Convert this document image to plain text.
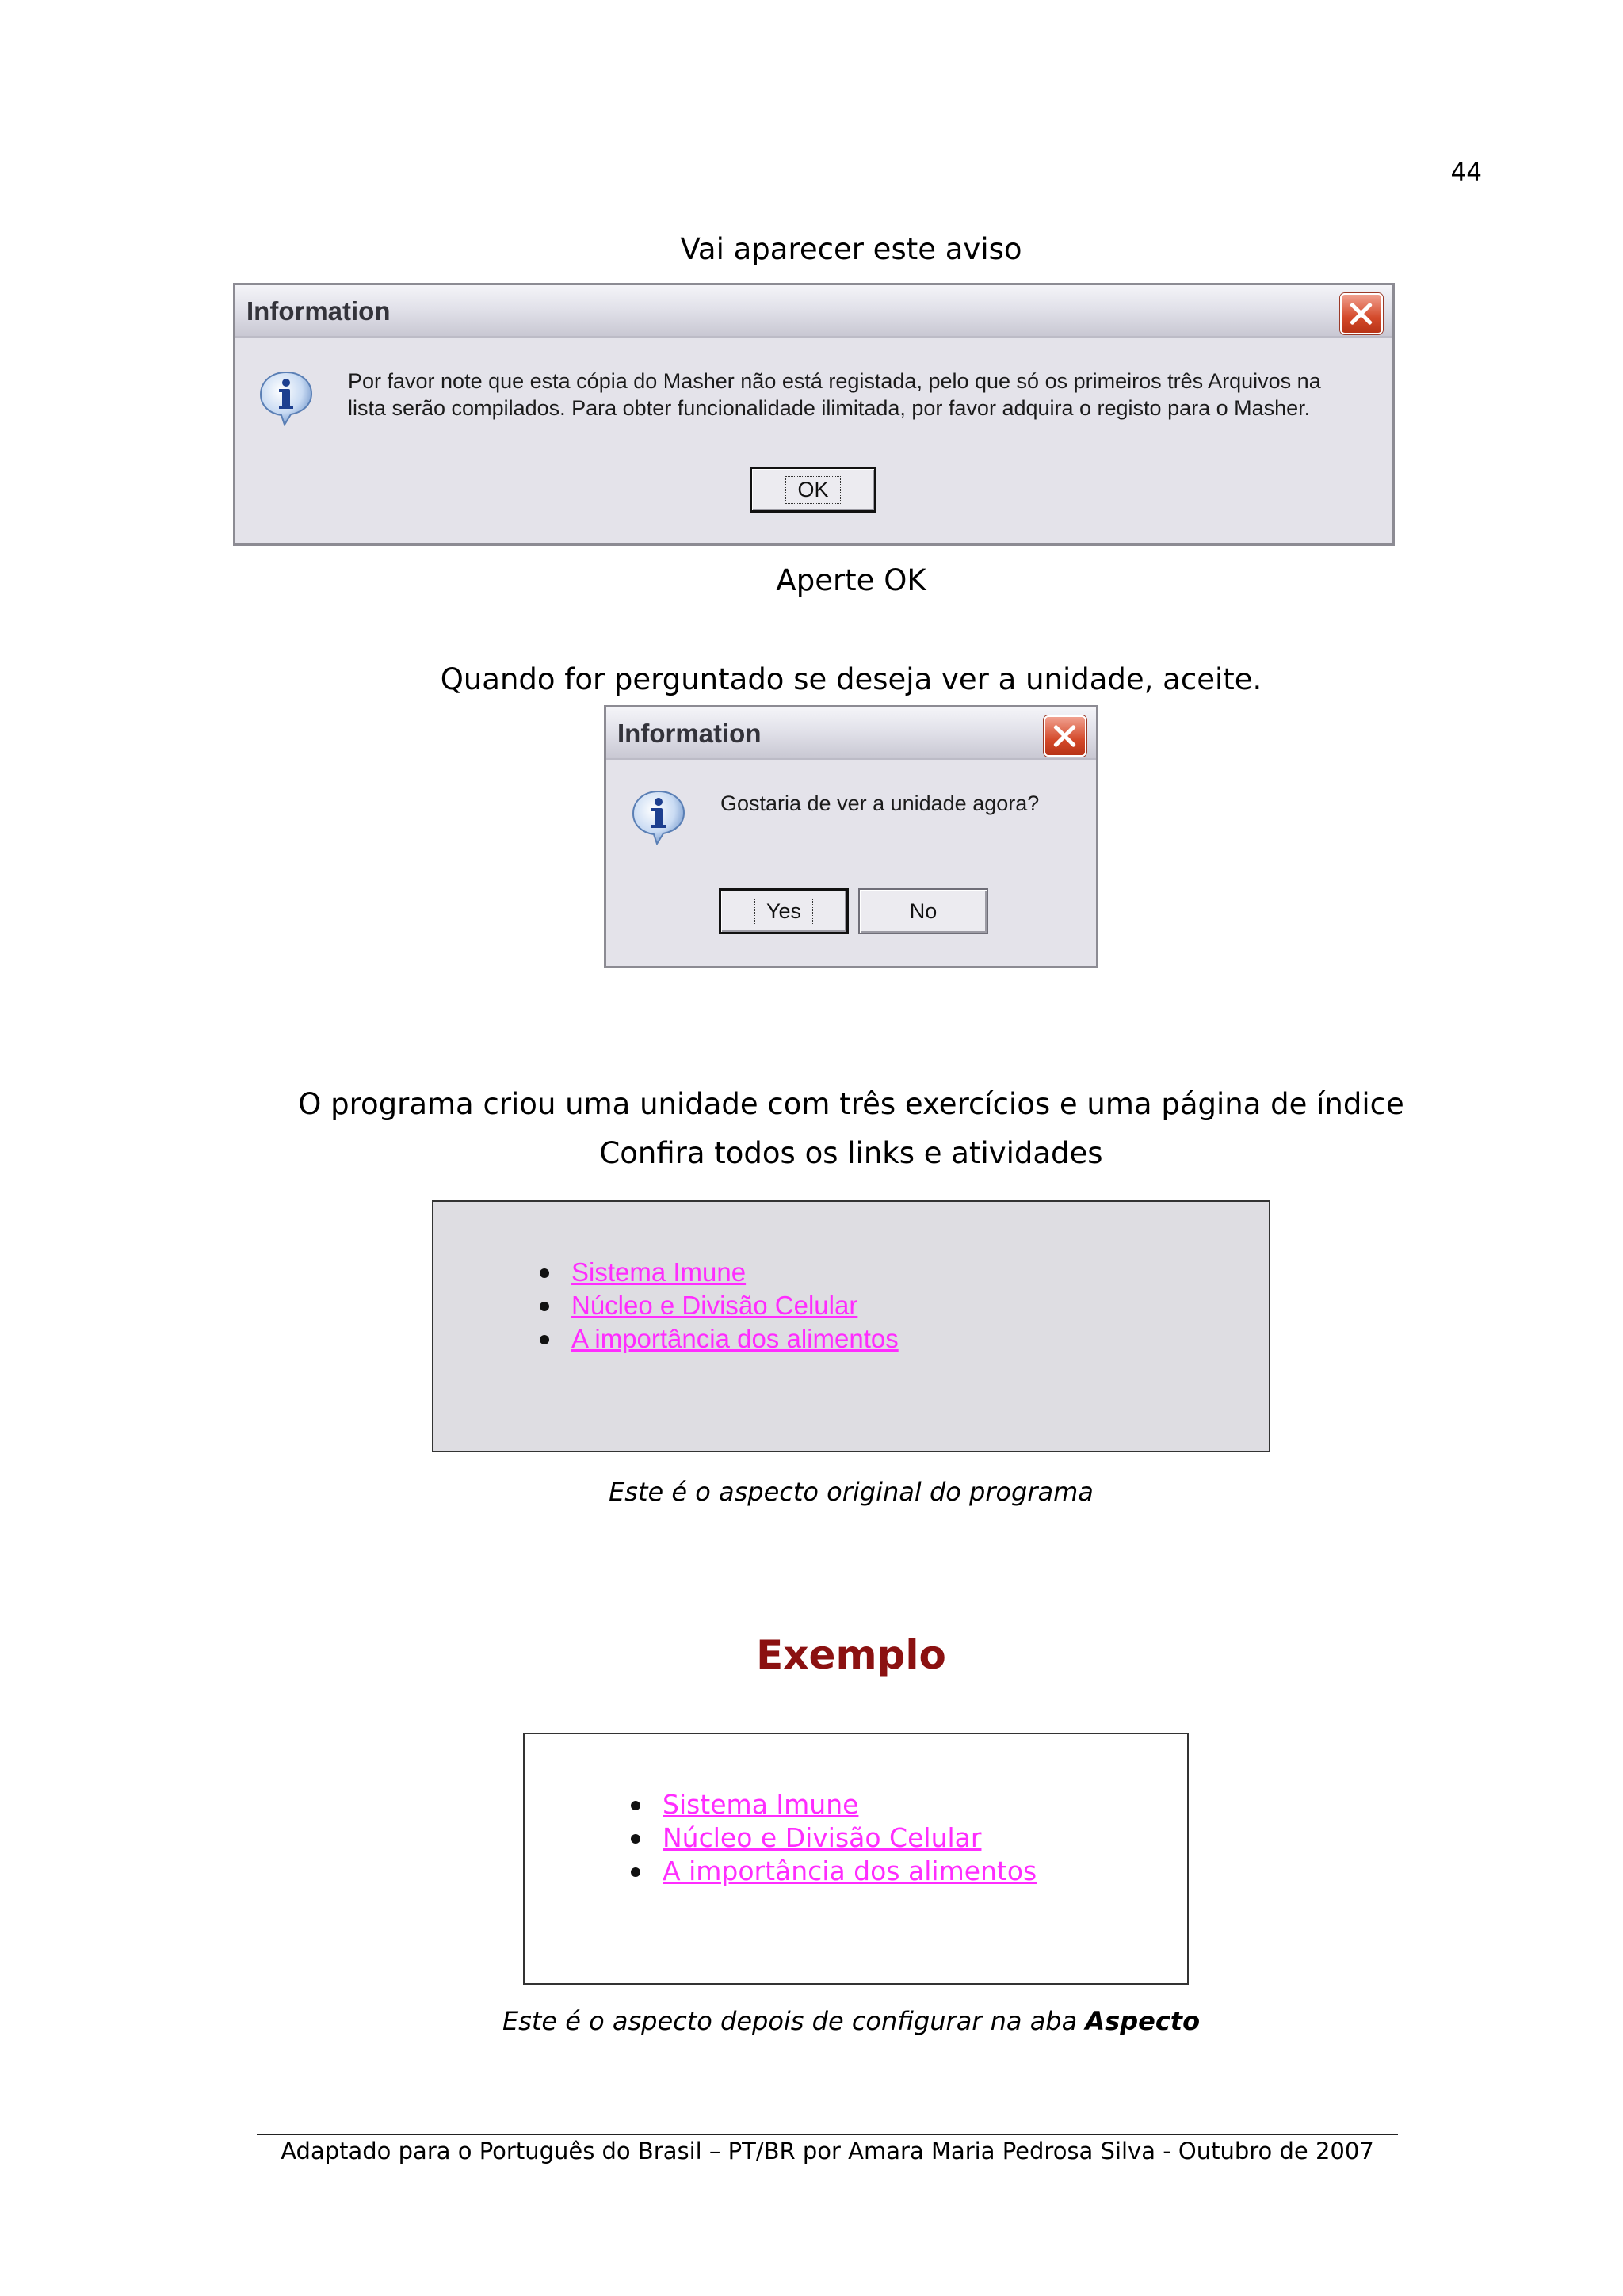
44
Vai aparecer este aviso
Information
Por favor note que esta cópia do Masher não está registada, pelo que só os primeiros três Arquivos na
lista serão compilados. Para obter funcionalidade ilimitada, por favor adquira o registo para o Masher.
OK
Aperte OK
Quando for perguntado se deseja ver a unidade, aceite.
Information
Gostaria de ver a unidade agora?
Yes	No
O programa criou uma unidade com três exercícios e uma página de índice
Confira todos os links e atividades
Sistema Imune
Núcleo e Divisão Celular
A importância dos alimentos
Este é o aspecto original do programa
Exemplo
Sistema Imune
Núcleo e Divisão Celular
A importância dos alimentos
Este é o aspecto depois de configurar na aba Aspecto
Adaptado para o Português do Brasil – PT/BR por Amara Maria Pedrosa Silva - Outubro de 2007
